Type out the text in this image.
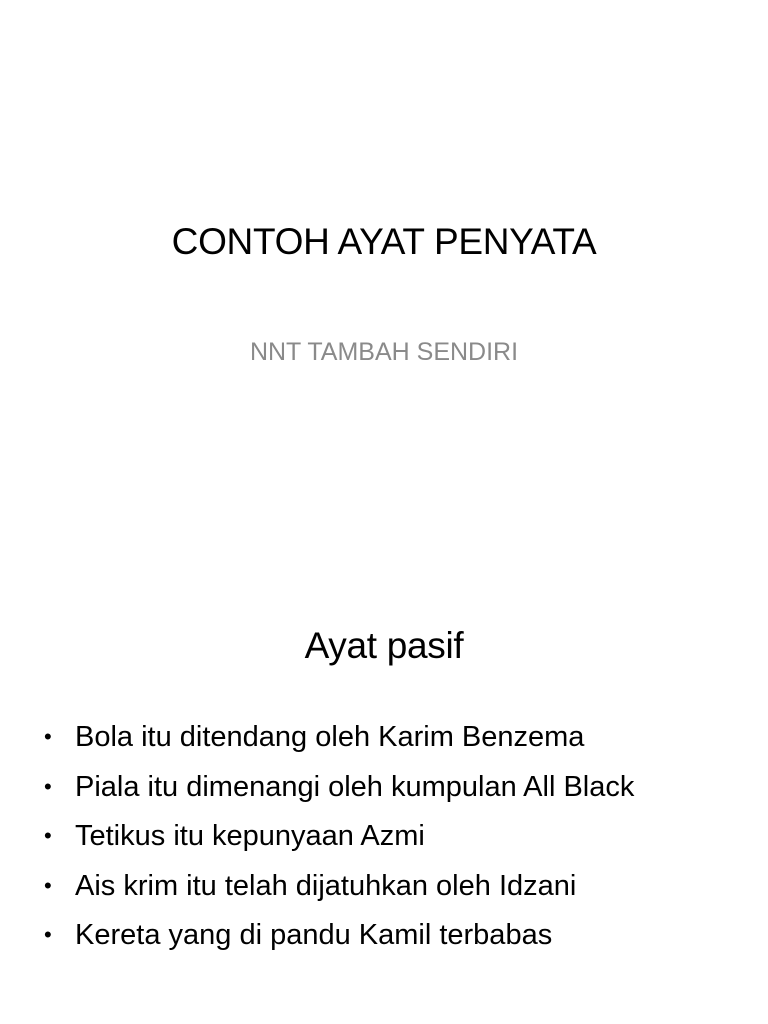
CONTOH AYAT PENYATA
NNT TAMBAH SENDIRI
Ayat pasif
• Bola itu ditendang oleh Karim Benzema
• Piala itu dimenangi oleh kumpulan All Black
• Tetikus itu kepunyaan Azmi
• Ais krim itu telah dijatuhkan oleh Idzani
• Kereta yang di pandu Kamil terbabas
